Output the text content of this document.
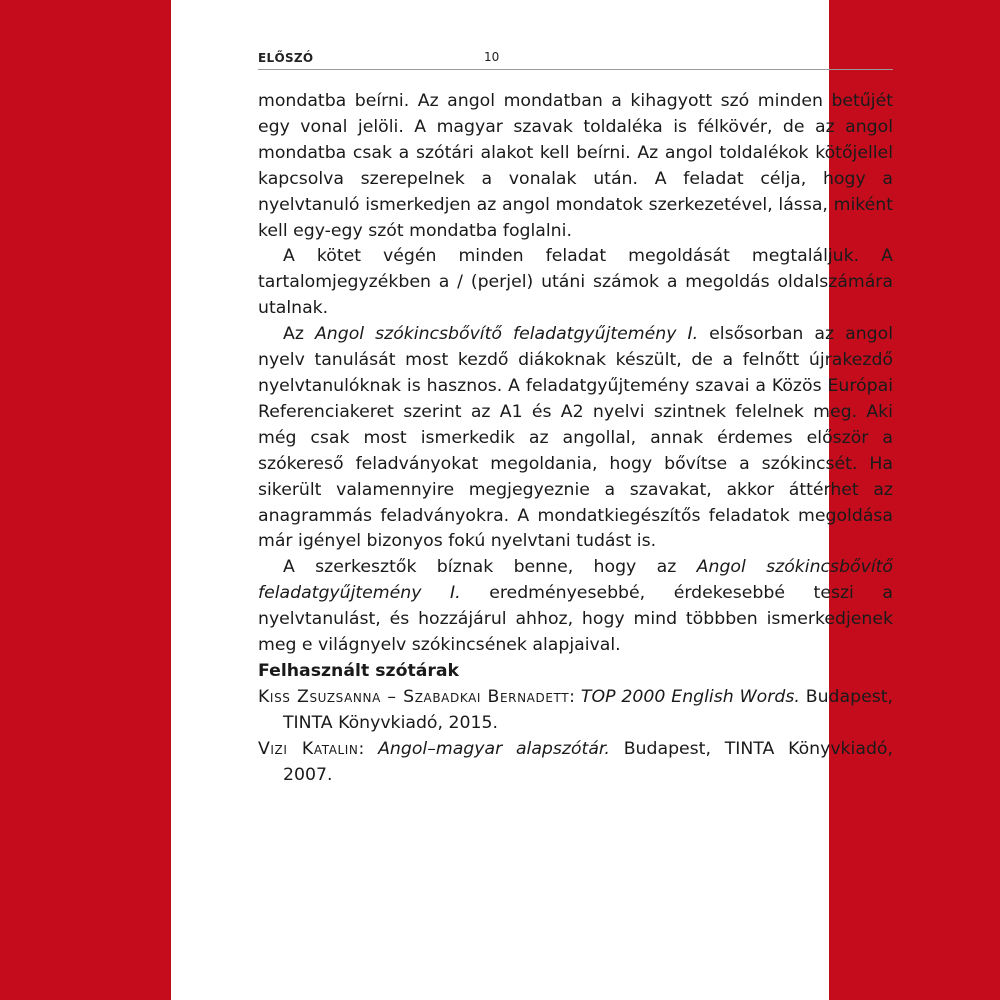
ELŐSZÓ	10

mondatba beírni. Az angol mondatban a kihagyott szó minden betűjét egy vonal jelöli. A magyar szavak toldaléka is félkövér, de az angol mondatba csak a szótári alakot kell beírni. Az angol toldalékok kötőjellel kapcsolva szerepelnek a vonalak után. A feladat célja, hogy a nyelvtanuló ismerkedjen az angol mondatok szerkezetével, lássa, miként kell egy-egy szót mondatba foglalni.

A kötet végén minden feladat megoldását megtaláljuk. A tartalomjegyzékben a / (perjel) utáni számok a megoldás oldalszámára utalnak.

Az Angol szókincsbővítő feladatgyűjtemény I. elsősorban az angol nyelv tanulását most kezdő diákoknak készült, de a felnőtt újrakezdő nyelvtanulóknak is hasznos. A feladatgyűjtemény szavai a Közös Európai Referenciakeret szerint az A1 és A2 nyelvi szintnek felelnek meg. Aki még csak most ismerkedik az angollal, annak érdemes először a szókereső feladványokat megoldania, hogy bővítse a szókincsét. Ha sikerült valamennyire megjegyeznie a szavakat, akkor áttérhet az anagrammás feladványokra. A mondatkiegészítős feladatok megoldása már igényel bizonyos fokú nyelvtani tudást is.

A szerkesztők bíznak benne, hogy az Angol szókincsbővítő feladatgyűjtemény I. eredményesebbé, érdekesebbé teszi a nyelvtanulást, és hozzájárul ahhoz, hogy mind többben ismerkedjenek meg e világnyelv szókincsének alapjaival.

Felhasznált szótárak

Kiss Zsuzsanna – Szabadkai Bernadett: TOP 2000 English Words. Budapest, TINTA Könyvkiadó, 2015.

Vizi Katalin: Angol–magyar alapszótár. Budapest, TINTA Könyvkiadó, 2007.
